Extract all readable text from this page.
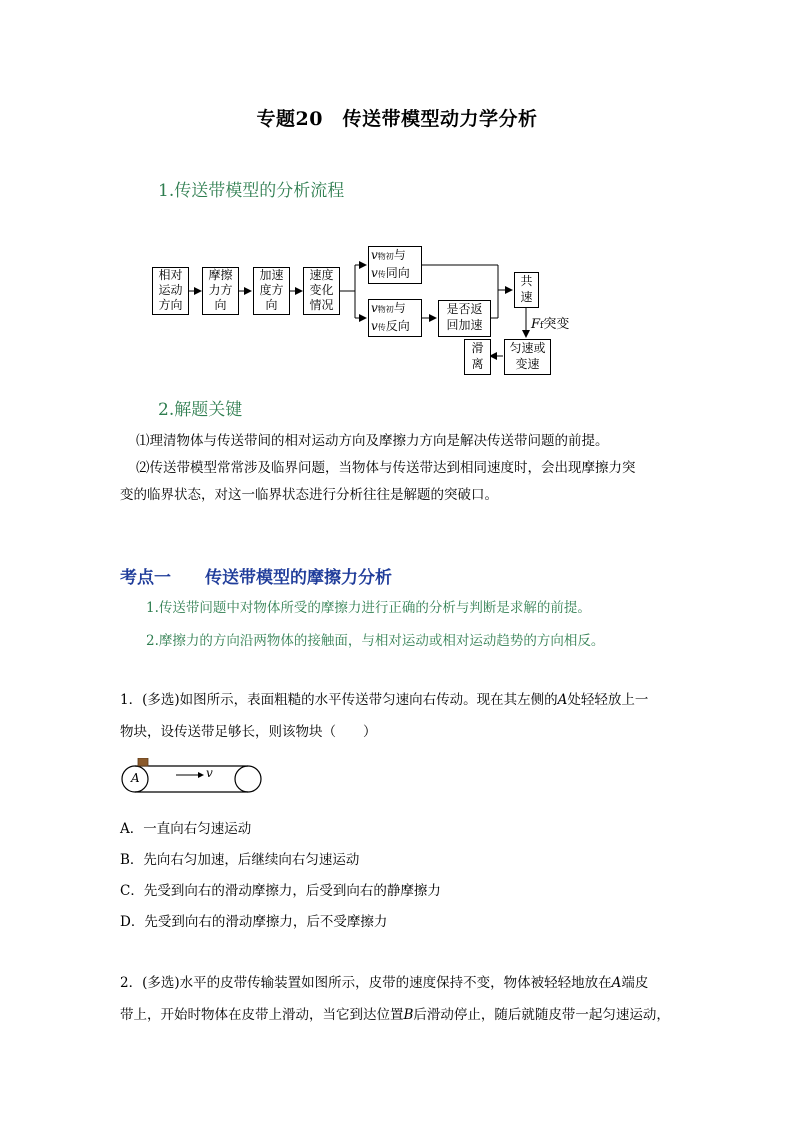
专题20　传送带模型动力学分析
1.传送带模型的分析流程
相对
运动
方向
摩擦
力方
向
加速
度方
向
速度
变化
情况
v物初与
v传同向
v物初与
v传反向
是否返
回加速
共
速
Ff突变
匀速或
变速
滑
离
2.解题关键
⑴理清物体与传送带间的相对运动方向及摩擦力方向是解决传送带问题的前提。
⑵传送带模型常常涉及临界问题，当物体与传送带达到相同速度时，会出现摩擦力突
变的临界状态，对这一临界状态进行分析往往是解题的突破口。
考点一　　传送带模型的摩擦力分析
1.传送带问题中对物体所受的摩擦力进行正确的分析与判断是求解的前提。
2.摩擦力的方向沿两物体的接触面，与相对运动或相对运动趋势的方向相反。
1．(多选)如图所示，表面粗糙的水平传送带匀速向右传动。现在其左侧的A处轻轻放上一
物块，设传送带足够长，则该物块（　　）
A	v
A．一直向右匀速运动
B．先向右匀加速，后继续向右匀速运动
C．先受到向右的滑动摩擦力，后受到向右的静摩擦力
D．先受到向右的滑动摩擦力，后不受摩擦力
2．(多选)水平的皮带传输装置如图所示，皮带的速度保持不变，物体被轻轻地放在A端皮
带上，开始时物体在皮带上滑动，当它到达位置B后滑动停止，随后就随皮带一起匀速运动，
